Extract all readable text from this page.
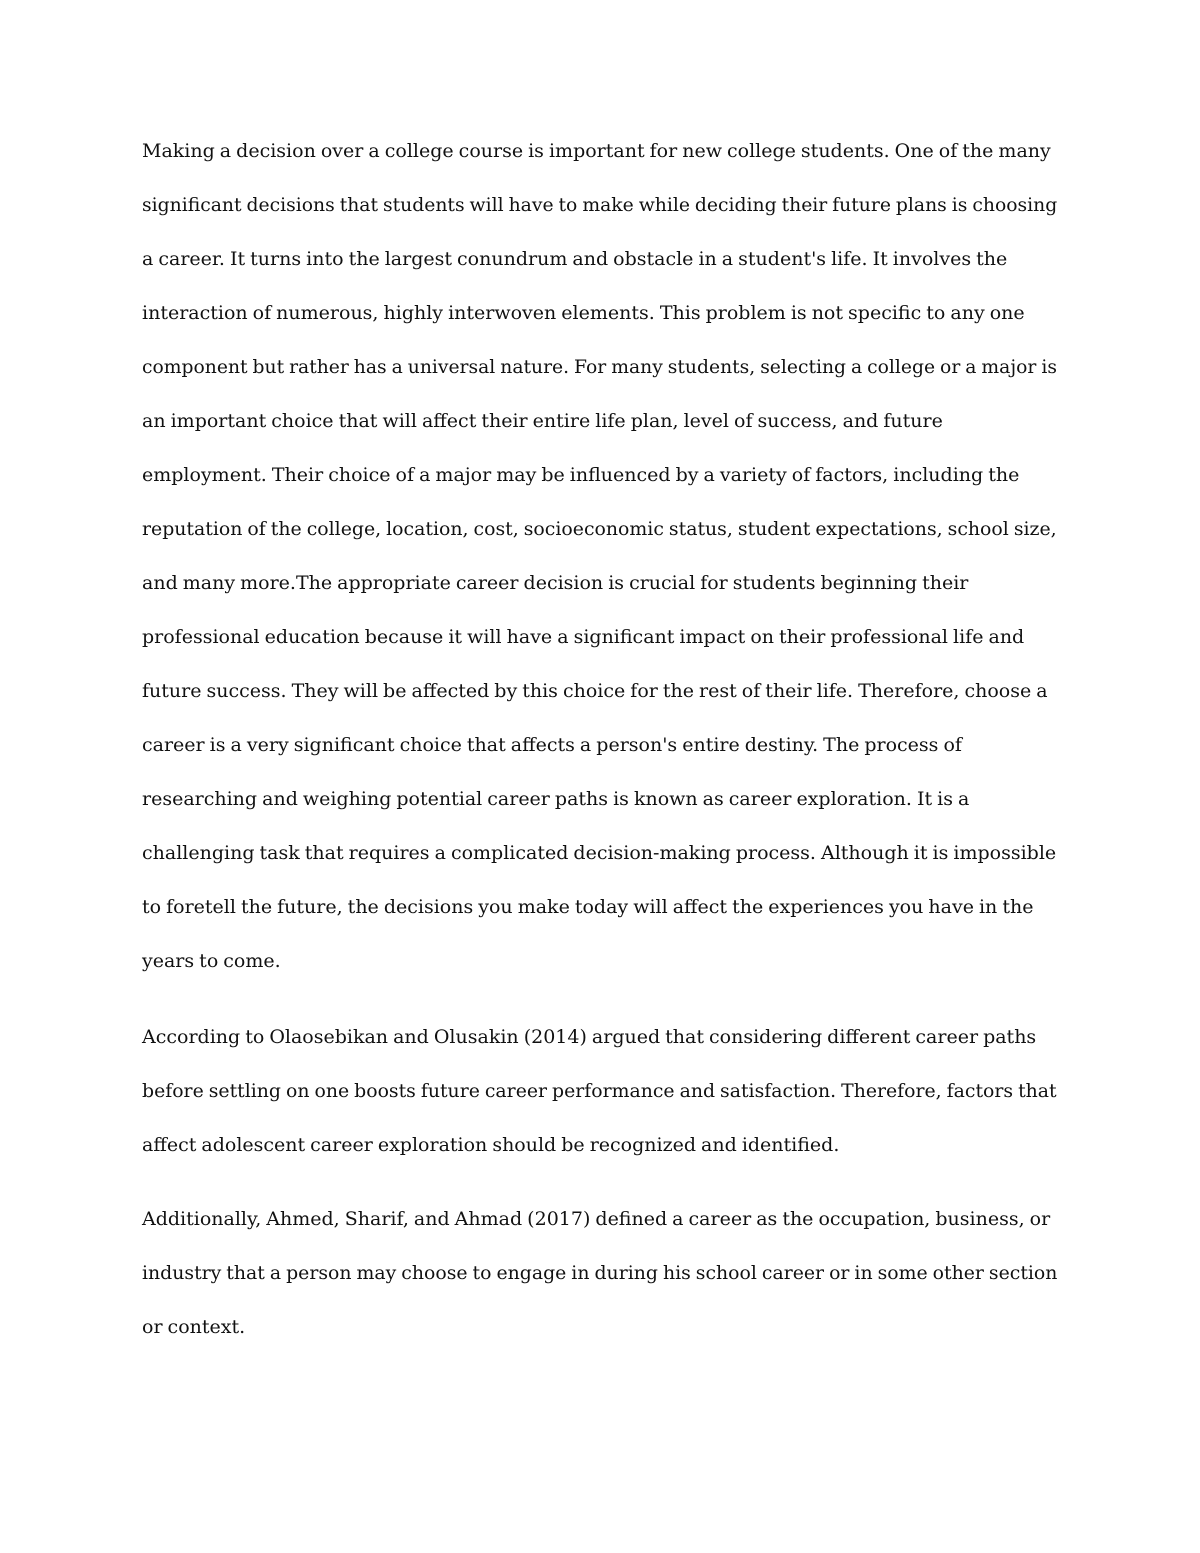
Making a decision over a college course is important for new college students. One of the many
significant decisions that students will have to make while deciding their future plans is choosing
a career. It turns into the largest conundrum and obstacle in a student's life. It involves the
interaction of numerous, highly interwoven elements. This problem is not specific to any one
component but rather has a universal nature. For many students, selecting a college or a major is
an important choice that will affect their entire life plan, level of success, and future
employment. Their choice of a major may be influenced by a variety of factors, including the
reputation of the college, location, cost, socioeconomic status, student expectations, school size,
and many more.The appropriate career decision is crucial for students beginning their
professional education because it will have a significant impact on their professional life and
future success. They will be affected by this choice for the rest of their life. Therefore, choose a
career is a very significant choice that affects a person's entire destiny. The process of
researching and weighing potential career paths is known as career exploration. It is a
challenging task that requires a complicated decision-making process. Although it is impossible
to foretell the future, the decisions you make today will affect the experiences you have in the
years to come.
According to Olaosebikan and Olusakin (2014) argued that considering different career paths
before settling on one boosts future career performance and satisfaction. Therefore, factors that
affect adolescent career exploration should be recognized and identified.
Additionally, Ahmed, Sharif, and Ahmad (2017) defined a career as the occupation, business, or
industry that a person may choose to engage in during his school career or in some other section
or context.
